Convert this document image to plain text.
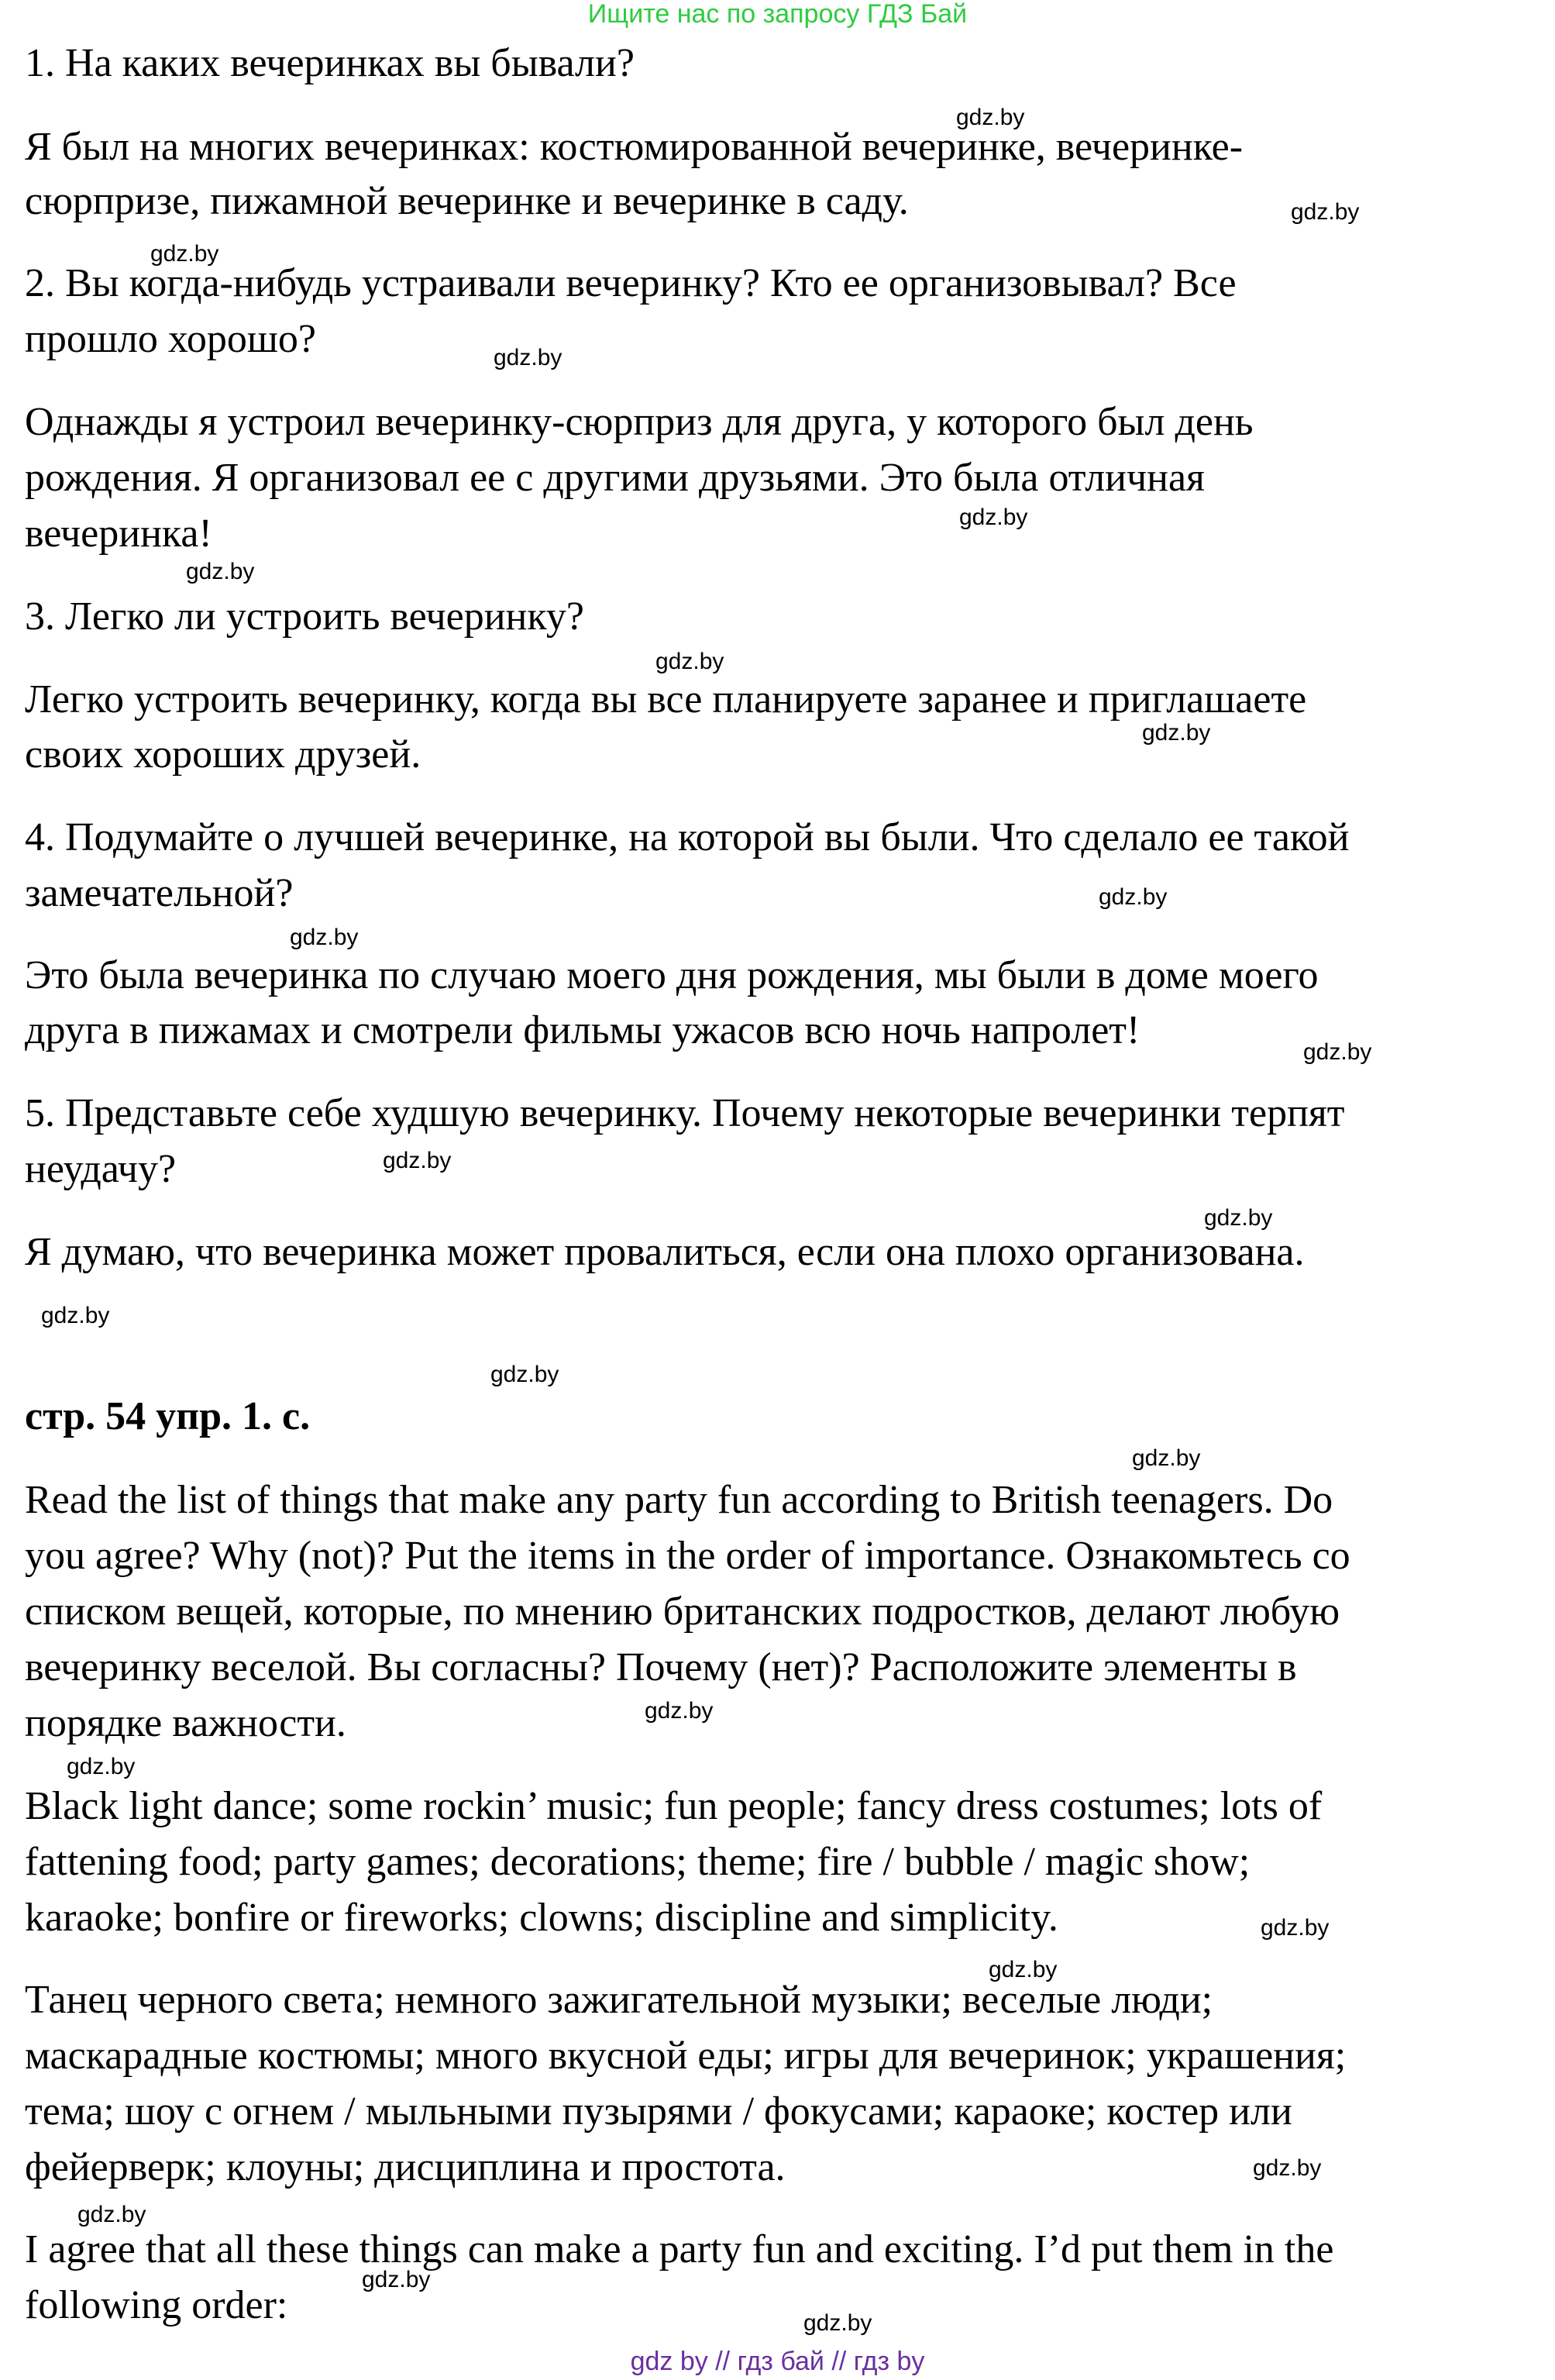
Ищите нас по запросу ГДЗ Бай
1. На каких вечеринках вы бывали?
Я был на многих вечеринках: костюмированной вечеринке, вечеринке-
сюрпризе, пижамной вечеринке и вечеринке в саду.
2. Вы когда-нибудь устраивали вечеринку? Кто ее организовывал? Все
прошло хорошо?
Однажды я устроил вечеринку-сюрприз для друга, у которого был день
рождения. Я организовал ее с другими друзьями. Это была отличная
вечеринка!
3. Легко ли устроить вечеринку?
Легко устроить вечеринку, когда вы все планируете заранее и приглашаете
своих хороших друзей.
4. Подумайте о лучшей вечеринке, на которой вы были. Что сделало ее такой
замечательной?
Это была вечеринка по случаю моего дня рождения, мы были в доме моего
друга в пижамах и смотрели фильмы ужасов всю ночь напролет!
5. Представьте себе худшую вечеринку. Почему некоторые вечеринки терпят
неудачу?
Я думаю, что вечеринка может провалиться, если она плохо организована.
стр. 54 упр. 1. с.
Read the list of things that make any party fun according to British teenagers. Do
you agree? Why (not)? Put the items in the order of importance. Ознакомьтесь со
списком вещей, которые, по мнению британских подростков, делают любую
вечеринку веселой. Вы согласны? Почему (нет)? Расположите элементы в
порядке важности.
Black light dance; some rockin’ music; fun people; fancy dress costumes; lots of
fattening food; party games; decorations; theme; fire / bubble / magic show;
karaoke; bonfire or fireworks; clowns; discipline and simplicity.
Танец черного света; немного зажигательной музыки; веселые люди;
маскарадные костюмы; много вкусной еды; игры для вечеринок; украшения;
тема; шоу с огнем / мыльными пузырями / фокусами; караоке; костер или
фейерверк; клоуны; дисциплина и простота.
I agree that all these things can make a party fun and exciting. I’d put them in the
following order:
gdz.by
gdz.by
gdz.by
gdz.by
gdz.by
gdz.by
gdz.by
gdz.by
gdz.by
gdz.by
gdz.by
gdz.by
gdz.by
gdz.by
gdz.by
gdz.by
gdz.by
gdz.by
gdz.by
gdz.by
gdz.by
gdz.by
gdz.by
gdz.by
gdz by // гдз бай // гдз by
